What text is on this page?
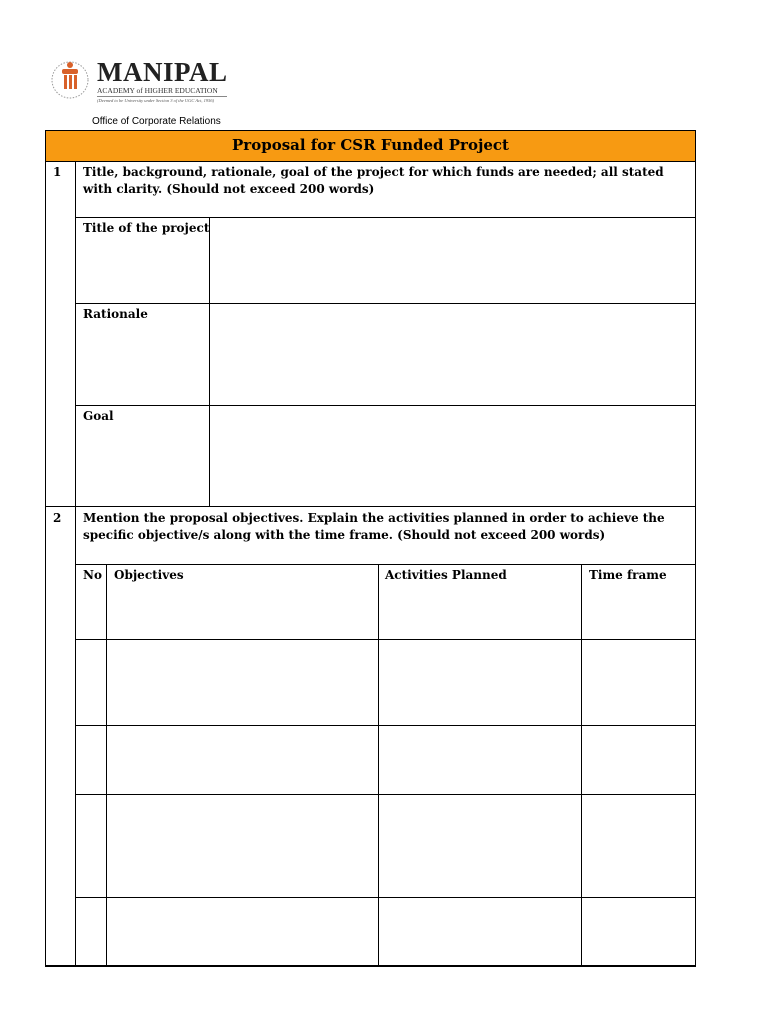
MANIPAL
ACADEMY of HIGHER EDUCATION
(Deemed to be University under Section 3 of the UGC Act, 1956)
Office of Corporate Relations
Proposal for CSR Funded Project
1 Title, background, rationale, goal of the project for which funds are needed; all stated with clarity. (Should not exceed 200 words)
Title of the project
Rationale
Goal
2 Mention the proposal objectives. Explain the activities planned in order to achieve the specific objective/s along with the time frame. (Should not exceed 200 words)
No Objectives	Activities Planned	Time frame
